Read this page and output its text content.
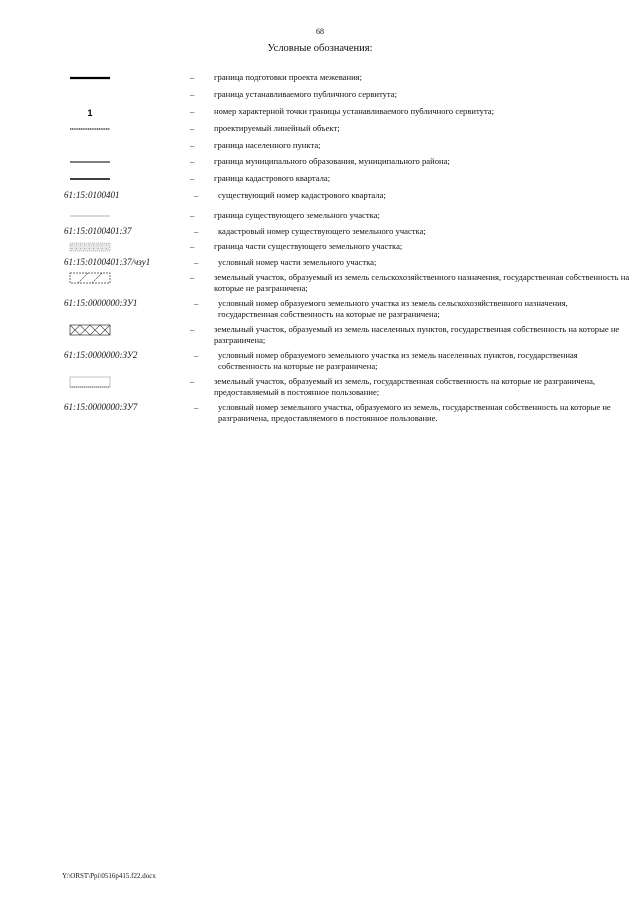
68
Условные обозначения:
–	граница подготовки проекта межевания;
–	граница устанавливаемого публичного сервитута;
1	–	номер характерной точки границы устанавливаемого публичного сервитута;
–	проектируемый линейный объект;
–	граница населенного пункта;
–	граница муниципального образования, муниципального района;
–	граница кадастрового квартала;
61:15:0100401	–	существующий номер кадастрового квартала;
–	граница существующего земельного участка;
61:15:0100401:37	–	кадастровый номер существующего земельного участка;
–	граница части существующего земельного участка;
61:15:0100401:37/чзу1	–	условный номер части земельного участка;
–	земельный участок, образуемый из земель сельскохозяйственного назначения, государственная собственность на которые не разграничена;
61:15:0000000:ЗУ1	–	условный номер образуемого земельного участка из земель сельскохозяйственного назначения, государственная собственность на которые не разграничена;
–	земельный участок, образуемый из земель населенных пунктов, государственная собственность на которые не разграничена;
61:15:0000000:ЗУ2	–	условный номер образуемого земельного участка из земель населенных пунктов, государственная собственность на которые не разграничена;
–	земельный участок, образуемый из земель, государственная собственность на которые не разграничена, предоставляемый в постоянное пользование;
61:15:0000000:ЗУ7	–	условный номер земельного участка, образуемого из земель, государственная собственность на которые не разграничена, предоставляемого в постоянное пользование.
Y:\ORST\Ppi\0516p415.f22.docx
